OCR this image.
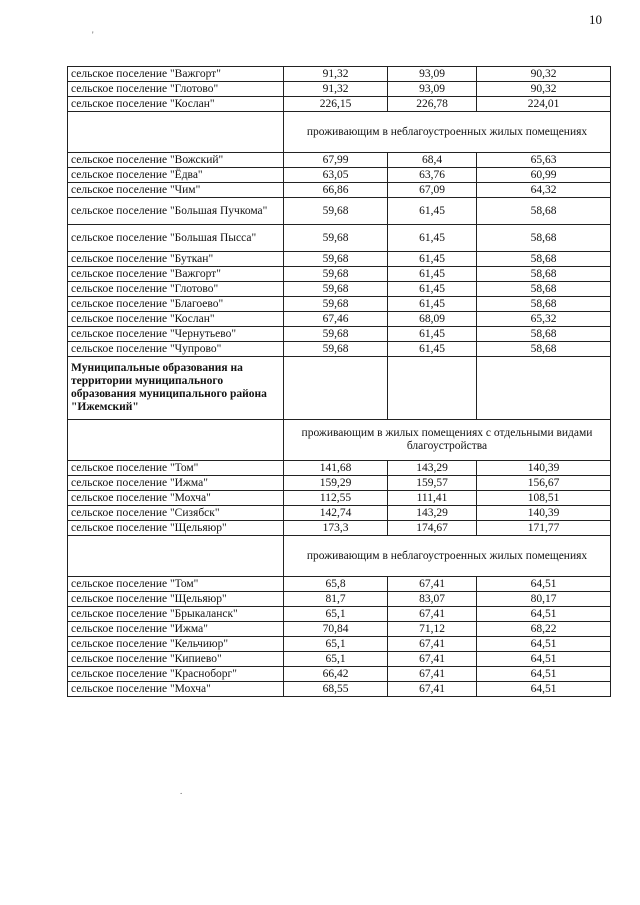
10
'
.
сельское поселение "Важгорт"	91,32	93,09	90,32
сельское поселение "Глотово"	91,32	93,09	90,32
сельское поселение "Кослан"	226,15	226,78	224,01
	проживающим в неблагоустроенных жилых помещениях		
сельское поселение "Вожский"	67,99	68,4	65,63
сельское поселение "Ёдва"	63,05	63,76	60,99
сельское поселение "Чим"	66,86	67,09	64,32
сельское поселение "Большая Пучкома"	59,68	61,45	58,68
сельское поселение "Большая Пысса"	59,68	61,45	58,68
сельское поселение "Буткан"	59,68	61,45	58,68
сельское поселение "Важгорт"	59,68	61,45	58,68
сельское поселение "Глотово"	59,68	61,45	58,68
сельское поселение "Благоево"	59,68	61,45	58,68
сельское поселение "Кослан"	67,46	68,09	65,32
сельское поселение "Чернутьево"	59,68	61,45	58,68
сельское поселение "Чупрово"	59,68	61,45	58,68
Муниципальные образования на территории муниципального образования муниципального района "Ижемский"			
	проживающим в жилых помещениях с отдельными видами благоустройства		
сельское поселение "Том"	141,68	143,29	140,39
сельское поселение "Ижма"	159,29	159,57	156,67
сельское поселение "Мохча"	112,55	111,41	108,51
сельское поселение "Сизябск"	142,74	143,29	140,39
сельское поселение "Щельяюр"	173,3	174,67	171,77
	проживающим в неблагоустроенных жилых помещениях		
сельское поселение "Том"	65,8	67,41	64,51
сельское поселение "Щельяюр"	81,7	83,07	80,17
сельское поселение "Брыкаланск"	65,1	67,41	64,51
сельское поселение "Ижма"	70,84	71,12	68,22
сельское поселение "Кельчиюр"	65,1	67,41	64,51
сельское поселение "Кипиево"	65,1	67,41	64,51
сельское поселение "Красноборг"	66,42	67,41	64,51
сельское поселение "Мохча"	68,55	67,41	64,51
